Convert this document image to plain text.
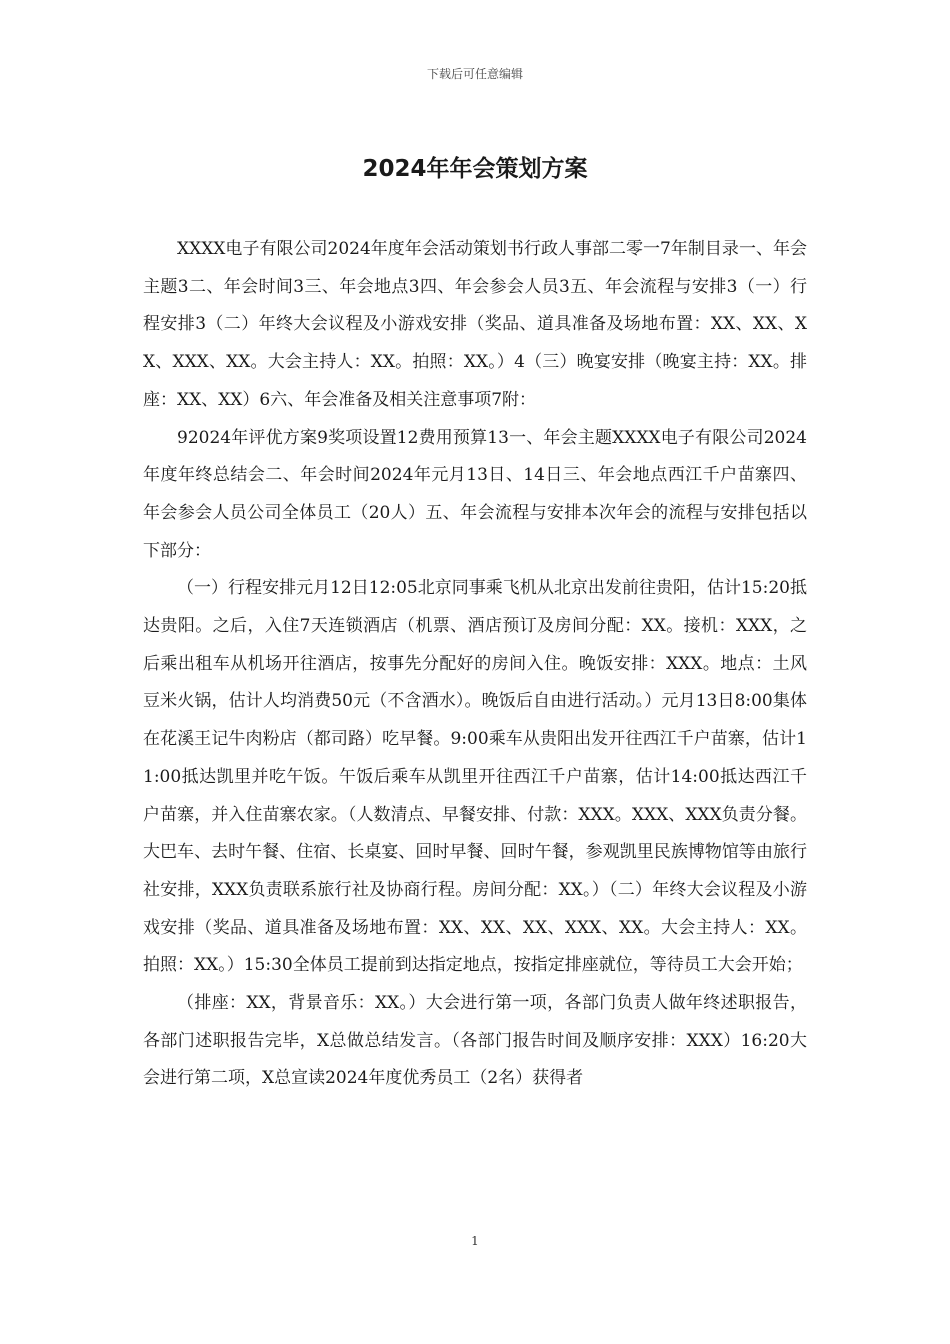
下载后可任意编辑
2024年年会策划方案

XXXX电子有限公司2024年度年会活动策划书行政人事部二零一7年制目录一、年会主题3二、年会时间3三、年会地点3四、年会参会人员3五、年会流程与安排3（一）行程安排3（二）年终大会议程及小游戏安排（奖品、道具准备及场地布置：XX、XX、XX、XXX、XX。大会主持人：XX。拍照：XX。）4（三）晚宴安排（晚宴主持：XX。排座：XX、XX）6六、年会准备及相关注意事项7附：

92024年评优方案9奖项设置12费用预算13一、年会主题XXXX电子有限公司2024年度年终总结会二、年会时间2024年元月13日、14日三、年会地点西江千户苗寨四、年会参会人员公司全体员工（20人）五、年会流程与安排本次年会的流程与安排包括以下部分：

（一）行程安排元月12日12:05北京同事乘飞机从北京出发前往贵阳，估计15:20抵达贵阳。之后，入住7天连锁酒店（机票、酒店预订及房间分配：XX。接机：XXX，之后乘出租车从机场开往酒店，按事先分配好的房间入住。晚饭安排：XXX。地点：土风豆米火锅，估计人均消费50元（不含酒水）。晚饭后自由进行活动。）元月13日8:00集体在花溪王记牛肉粉店（都司路）吃早餐。9:00乘车从贵阳出发开往西江千户苗寨，估计11:00抵达凯里并吃午饭。午饭后乘车从凯里开往西江千户苗寨，估计14:00抵达西江千户苗寨，并入住苗寨农家。（人数清点、早餐安排、付款：XXX。XXX、XXX负责分餐。大巴车、去时午餐、住宿、长桌宴、回时早餐、回时午餐，参观凯里民族博物馆等由旅行社安排，XXX负责联系旅行社及协商行程。房间分配：XX。）（二）年终大会议程及小游戏安排（奖品、道具准备及场地布置：XX、XX、XX、XXX、XX。大会主持人：XX。拍照：XX。）15:30全体员工提前到达指定地点，按指定排座就位，等待员工大会开始；

（排座：XX，背景音乐：XX。）大会进行第一项，各部门负责人做年终述职报告，各部门述职报告完毕，X总做总结发言。（各部门报告时间及顺序安排：XXX）16:20大会进行第二项，X总宣读2024年度优秀员工（2名）获得者

1
